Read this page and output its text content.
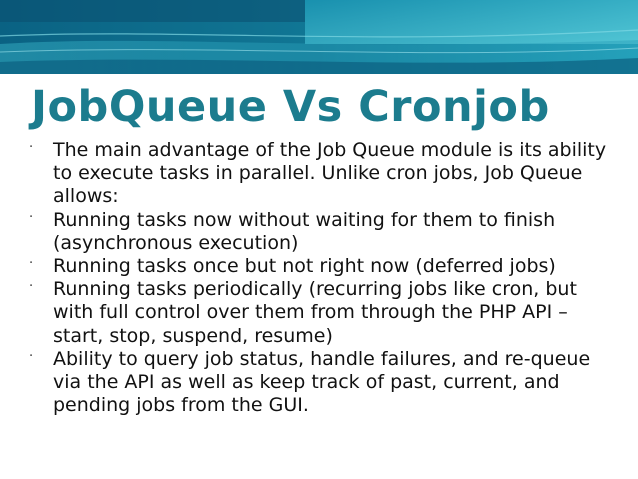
JobQueue Vs Cronjob
· The main advantage of the Job Queue module is its ability to execute tasks in parallel. Unlike cron jobs, Job Queue allows:
· Running tasks now without waiting for them to finish (asynchronous execution)
· Running tasks once but not right now (deferred jobs)
· Running tasks periodically (recurring jobs like cron, but with full control over them from through the PHP API – start, stop, suspend, resume)
· Ability to query job status, handle failures, and re-queue via the API as well as keep track of past, current, and pending jobs from the GUI.
